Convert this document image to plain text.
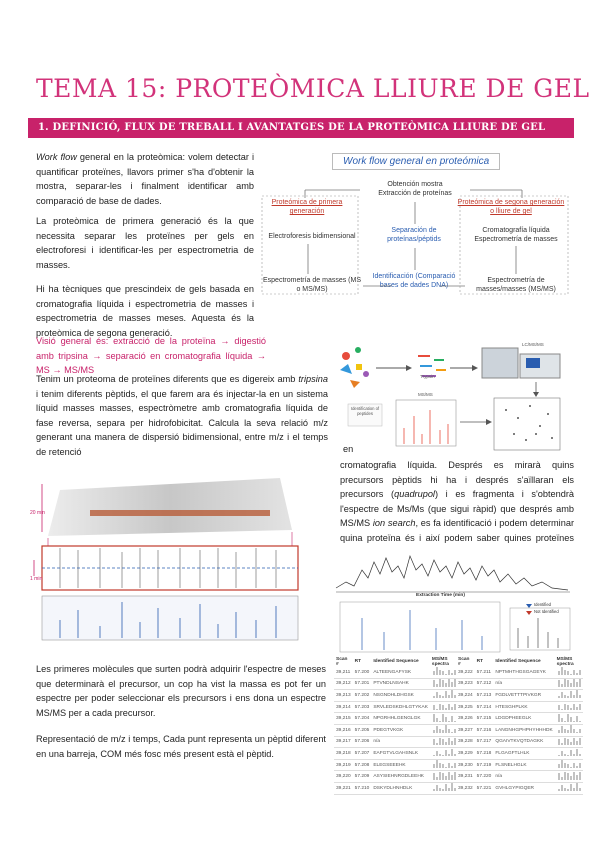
TEMA 15: PROTEÒMICA LLIURE DE GEL
1. DEFINICIÓ, FLUX DE TREBALL I AVANTATGES DE LA PROTEÒMICA LLIURE DE GEL
Work flow general en la proteòmica: volem detectar i quantificar proteïnes, llavors primer s'ha d'obtenir la mostra, separar-les i finalment identificar amb comparació de base de dades.
La proteòmica de primera generació és la que necessita separar les proteïnes per gels en electroforesi i identificar-les per espectrometria de masses.
Hi ha tècniques que prescindeix de gels basada en cromatografia líquida i espectrometria de masses i espectrometria de masses meses. Aquesta és la proteòmica de segona generació.
Work flow general en proteómica
Obtención mostra
Extracción de proteínas
Proteómica de primera generación
Proteómica de segona generación o lliure de gel
Electroforesis bidimensional
Separación de proteínas/péptids
Cromatografía líquida Espectrometría de masses
Espectrometría de masses (MS o MS/MS)
Identificación (Comparació bases de dades DNA)
Espectrometría de masses/masses (MS/MS)
Visió general és: extracció de la proteïna → digestió amb tripsina → separació en cromatografia líquida → MS → MS/MS
Trypsin
LC/MS/MS
MS/MS
Identification of peptides
Tenim un proteoma de proteïnes diferents que es digereix amb tripsina i tenim diferents pèptids, el que farem ara és injectar-la en un sistema líquid masses masses, espectròmetre amb cromatografia líquida de fase reversa, separa per hidrofobicitat. Calcula la seva relació m/z generant una manera de dispersió bidimensional, entre m/z i el temps de retenció	en
cromatografia líquida. Després es mirarà quins precursors pèptids hi ha i després s'aïllaran els precursors (quadrupol) i es fragmenta i s'obtendrà l'espectre de Ms/Ms (que sigui ràpid) que després amb MS/MS ion search, es fa identificació i podem determinar quina proteïna és i així podem saber quines proteïnes
20 min
1 min
Extraction Time (min)
Identified
Not Identified
Les primeres molècules que surten podrà adquirir l'espectre de meses que determinarà el precursor, un cop ha vist la massa es pot fer un espectre per poder seleccionar els precursors i ens dona un espectre MS/MS per a cada precursor.
Representació de m/z i temps, Cada punt representa un pèptid diferent en una barreja, COM més fosc més present està el pèptid.
Scan #	RT	Identified Sequence	MS/MS spectra
39,211	57.200	ALTEENGAFYSK	
39,212	57.201	PTVNDLNSAHK	
39,213	57.202	NSGNDHLDHGSK	
39,214	57.203	SRVLEDSKDHLGTYKAK	
39,215	57.204	NPGRHHLGENGLGK	
39,216	57.205	PDEGTVKGK	
39,217	57.206	n/a	
39,218	57.207	EAFGTVLGAHSNLK	
39,219	57.208	ELEGSEEEHK	
39,220	57.209	ASYSIEHNRGDLEEHK	
39,221	57.210	DSKYDLHNHDLK	
Scan #	RT	Identified Sequence	MS/MS spectra
39,222	57.211	NPTMHTHGSGAGEYK	
39,223	57.212	n/a	
39,224	57.213	FGDLVETTTPIVKGR	
39,225	57.214	HTESGHPLKK	
39,226	57.215	LDGDPHEEGLK	
39,227	57.216	LANGNHGPHPHYHHHDK	
39,228	57.217	QGAIVTKVQTDAGKK	
39,229	57.218	FLGAGFTLHLK	
39,230	57.219	FLSNELHGLK	
39,231	57.220	n/a	
39,232	57.221	GVHLGYPIGQER	
